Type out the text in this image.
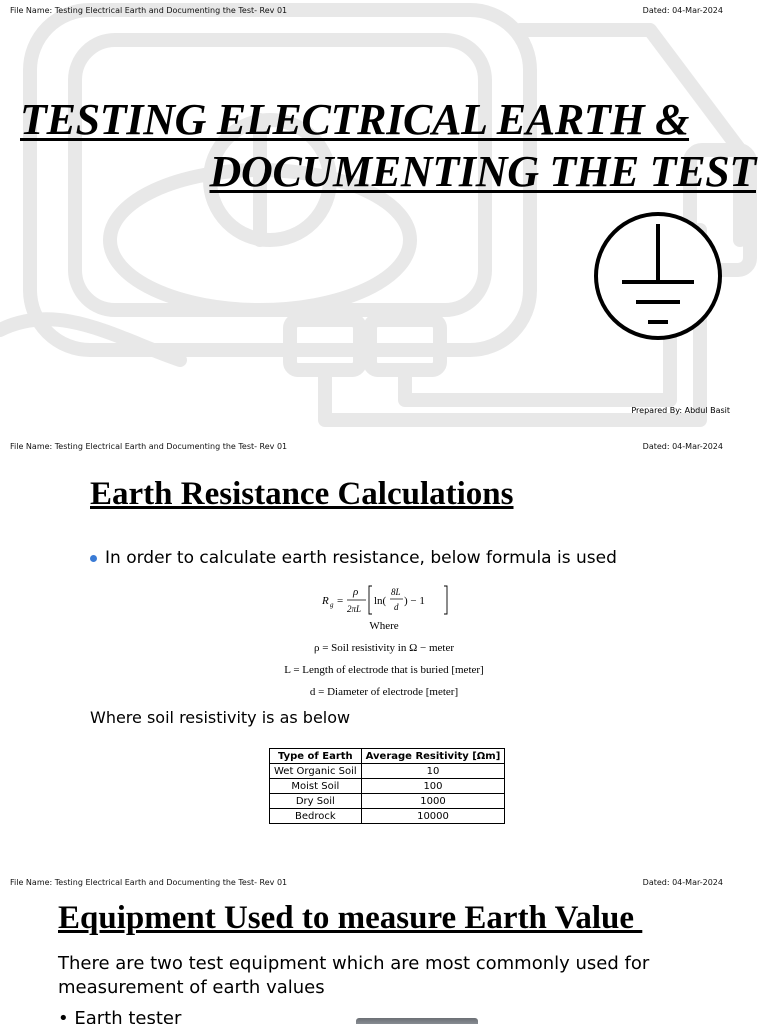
File Name: Testing Electrical Earth and Documenting the Test- Rev 01	Dated: 04-Mar-2024
TESTING ELECTRICAL EARTH &
DOCUMENTING THE TEST
Prepared By: Abdul Basit
File Name: Testing Electrical Earth and Documenting the Test- Rev 01	Dated: 04-Mar-2024
Earth Resistance Calculations
In order to calculate earth resistance, below formula is used
R g =
ρ
2πL
ln(
8L
d ) − 1
Where
ρ = Soil resistivity in Ω − meter
L = Length of electrode that is buried [meter]
d = Diameter of electrode [meter]
Where soil resistivity is as below
Type of Earth	Average Resitivity [Ωm]
Wet Organic Soil	10
Moist Soil	100
Dry Soil	1000
Bedrock	10000
File Name: Testing Electrical Earth and Documenting the Test- Rev 01	Dated: 04-Mar-2024
Equipment Used to measure Earth Value
There are two test equipment which are most commonly used for measurement of earth values
• Earth tester
